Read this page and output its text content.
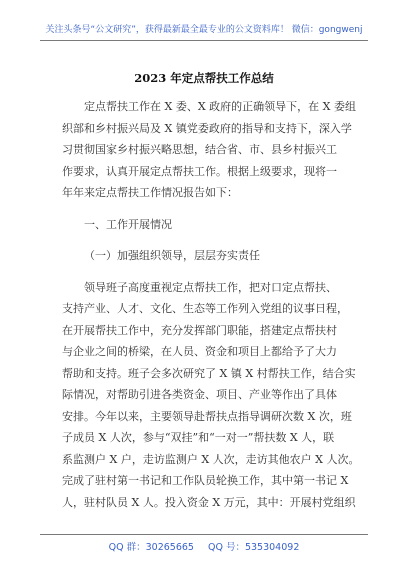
关注头条号“公文研究”，获得最新最全最专业的公文资料库！ 微信：gongwenj
2023 年定点帮扶工作总结
定点帮扶工作在 X 委、X 政府的正确领导下，在 X 委组
织部和乡村振兴局及 X 镇党委政府的指导和支持下，深入学
习贯彻国家乡村振兴略思想，结合省、市、县乡村振兴工
作要求，认真开展定点帮扶工作。根据上级要求，现将一
年年来定点帮扶工作情况报告如下：
一、工作开展情况
（一）加强组织领导，层层夯实责任
领导班子高度重视定点帮扶工作，把对口定点帮扶、
支持产业、人才、文化、生态等工作列入党组的议事日程，
在开展帮扶工作中，充分发挥部门职能，搭建定点帮扶村
与企业之间的桥梁，在人员、资金和项目上都给予了大力
帮助和支持。班子会多次研究了 X 镇 X 村帮扶工作，结合实
际情况，对帮助引进各类资金、项目、产业等作出了具体
安排。今年以来，主要领导赴帮扶点指导调研次数 X 次，班
子成员 X 人次，参与“双挂”和“一对一”帮扶数 X 人，联
系监测户 X 户，走访监测户 X 人次，走访其他农户 X 人次。
完成了驻村第一书记和工作队员轮换工作，其中第一书记 X
人，驻村队员 X 人。投入资金 X 万元，其中：开展村党组织
QQ 群：30265665 QQ 号：535304092
